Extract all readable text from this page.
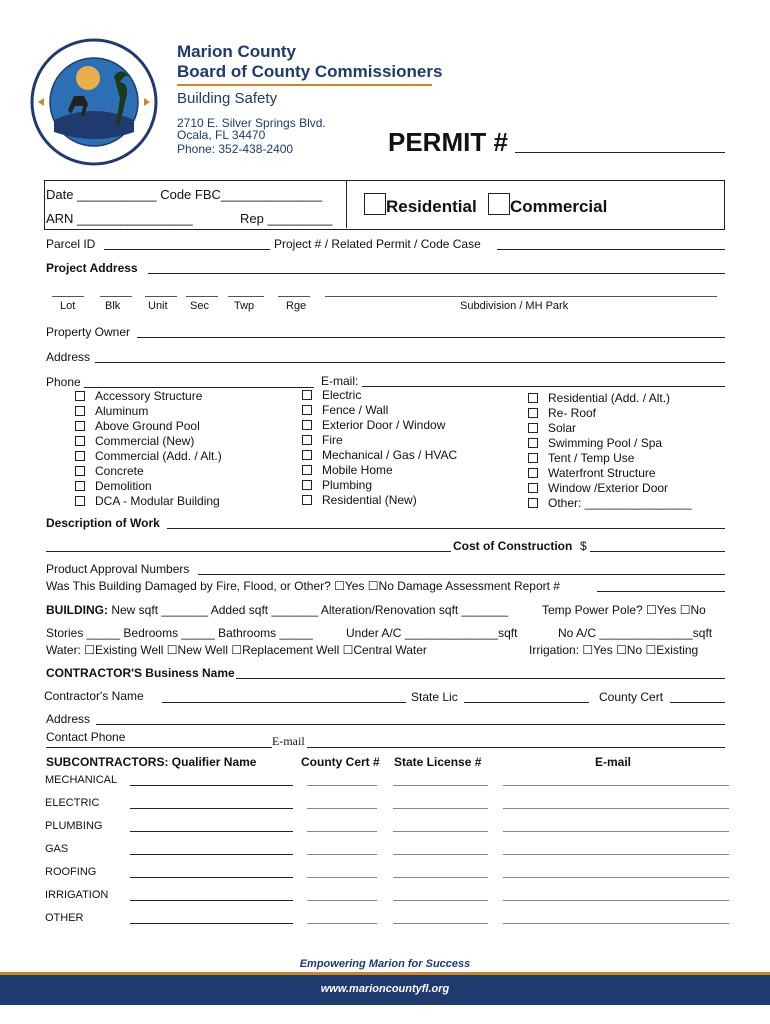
Marion County
Board of County Commissioners
Building Safety
2710 E. Silver Springs Blvd.
Ocala, FL 34470
Phone: 352-438-2400	PERMIT #
Date ___________ Code FBC______________
ARN ________________	Rep _________
Residential Commercial
Parcel ID	Project # / Related Permit / Code Case
Project Address
Lot	Blk	Unit Sec Twp	Rge	Subdivision / MH Park
Property Owner
Address
Phone	E-mail:
Accessory Structure
Aluminum
Above Ground Pool
Commercial (New)
Commercial (Add. / Alt.)
Concrete
Demolition
DCA - Modular Building
Electric
Fence / Wall
Exterior Door / Window
Fire
Mechanical / Gas / HVAC
Mobile Home
Plumbing
Residential (New)
Residential (Add. / Alt.)
Re- Roof
Solar
Swimming Pool / Spa
Tent / Temp Use
Waterfront Structure
Window /Exterior Door
Other: ________________
Description of Work
Cost of Construction $
Product Approval Numbers
Was This Building Damaged by Fire, Flood, or Other? ☐Yes ☐No Damage Assessment Report #
BUILDING: New sqft _______ Added sqft _______ Alteration/Renovation sqft _______	Temp Power Pole? ☐Yes ☐No
Stories _____ Bedrooms _____ Bathrooms _____	Under A/C ______________sqft	No A/C ______________sqft
Water: ☐Existing Well ☐New Well ☐Replacement Well ☐Central Water	Irrigation: ☐Yes ☐No ☐Existing
CONTRACTOR'S Business Name
Contractor's Name	State Lic	County Cert
Address
Contact Phone	E-mail
SUBCONTRACTORS: Qualifier Name	County Cert # State License #	E-mail
MECHANICAL
ELECTRIC
PLUMBING
GAS
ROOFING
IRRIGATION
OTHER
Empowering Marion for Success
www.marioncountyfl.org
